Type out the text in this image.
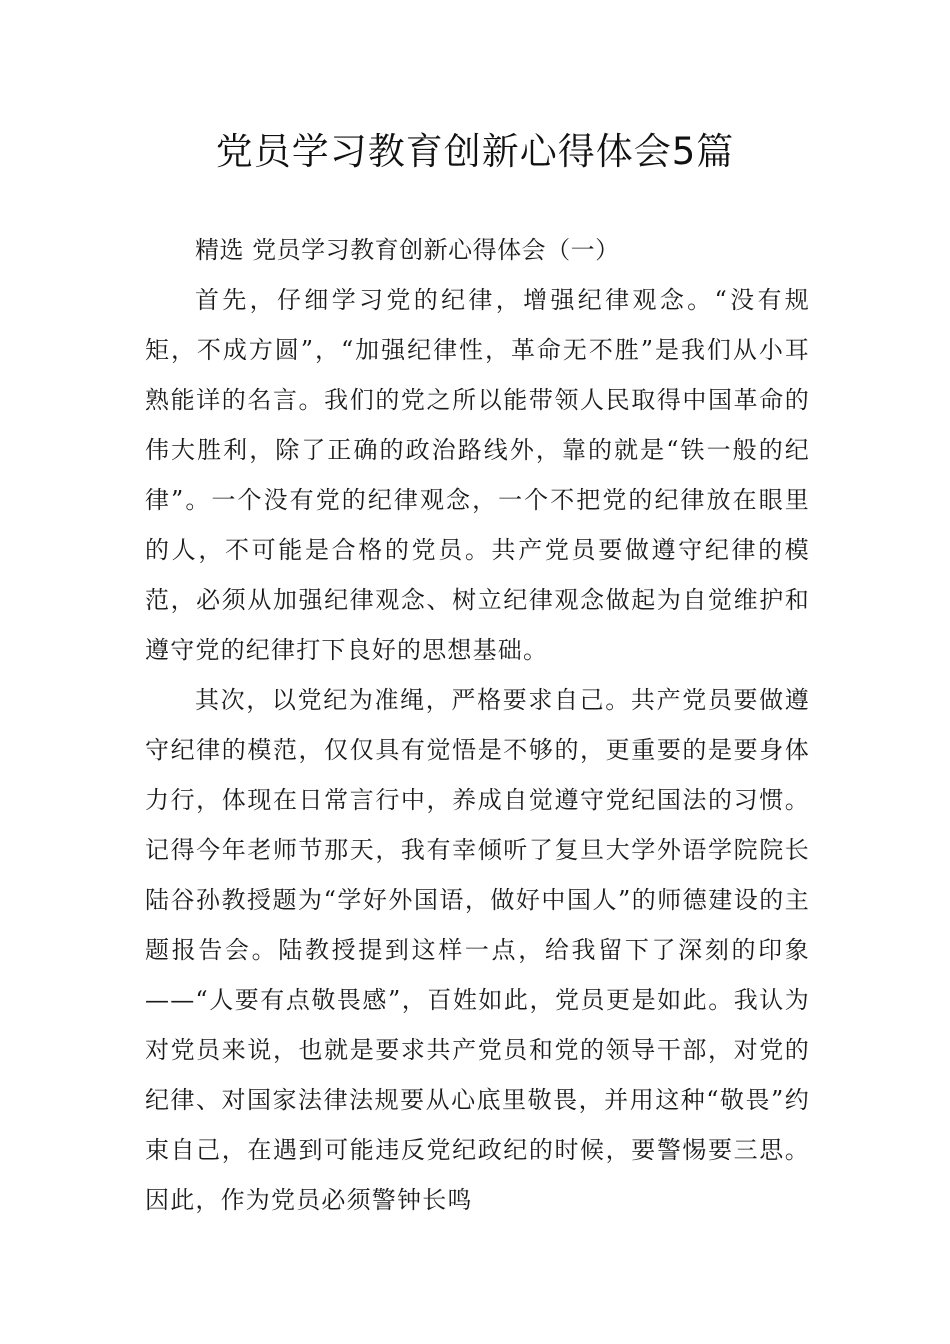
党员学习教育创新心得体会5篇

精选 党员学习教育创新心得体会（一）

首先，仔细学习党的纪律，增强纪律观念。“没有规矩，不成方圆”，“加强纪律性，革命无不胜”是我们从小耳熟能详的名言。我们的党之所以能带领人民取得中国革命的伟大胜利，除了正确的政治路线外，靠的就是“铁一般的纪律”。一个没有党的纪律观念，一个不把党的纪律放在眼里的人，不可能是合格的党员。共产党员要做遵守纪律的模范，必须从加强纪律观念、树立纪律观念做起为自觉维护和遵守党的纪律打下良好的思想基础。

其次，以党纪为准绳，严格要求自己。共产党员要做遵守纪律的模范，仅仅具有觉悟是不够的，更重要的是要身体力行，体现在日常言行中，养成自觉遵守党纪国法的习惯。记得今年老师节那天，我有幸倾听了复旦大学外语学院院长陆谷孙教授题为“学好外国语，做好中国人”的师德建设的主题报告会。陆教授提到这样一点，给我留下了深刻的印象——“人要有点敬畏感”，百姓如此，党员更是如此。我认为对党员来说，也就是要求共产党员和党的领导干部，对党的纪律、对国家法律法规要从心底里敬畏，并用这种“敬畏”约束自己，在遇到可能违反党纪政纪的时候，要警惕要三思。因此，作为党员必须警钟长鸣
